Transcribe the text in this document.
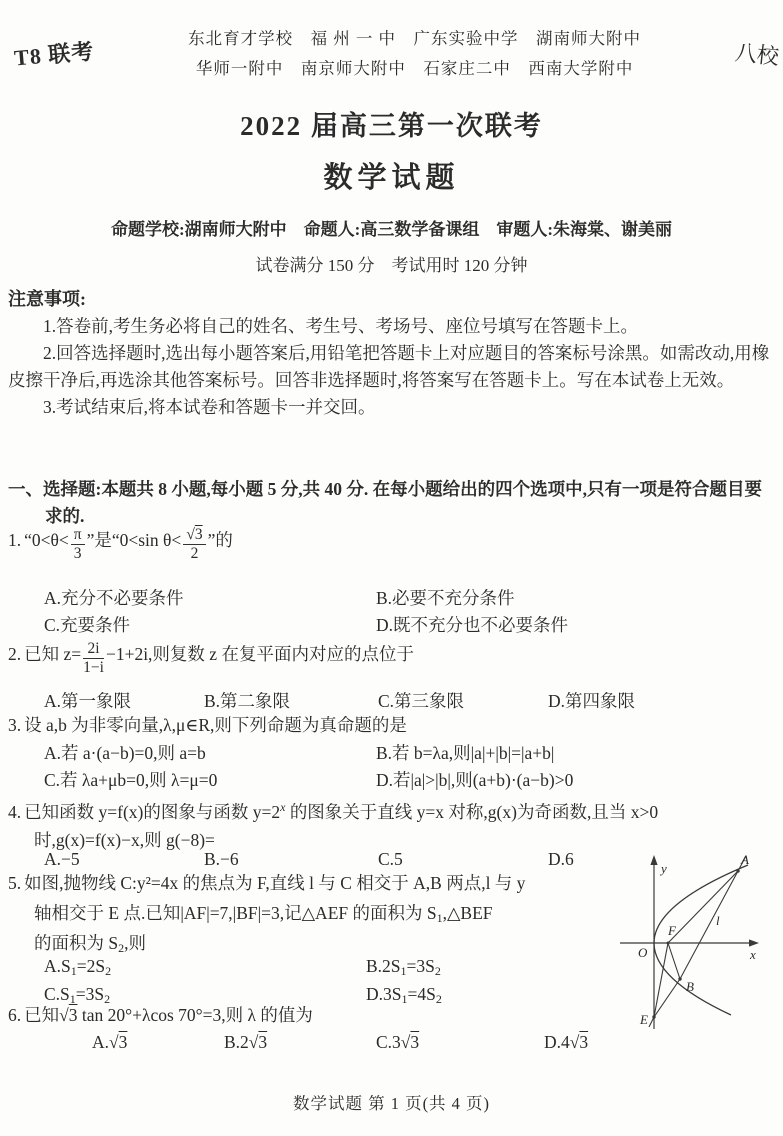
T8 联考
东北育才学校　福 州 一 中　广东实验中学　湖南师大附中
华师一附中　南京师大附中　石家庄二中　西南大学附中	八校
2022 届高三第一次联考
数学试题
命题学校:湖南师大附中　命题人:高三数学备课组　审题人:朱海棠、谢美丽
试卷满分 150 分　考试用时 120 分钟
注意事项:

1.答卷前,考生务必将自己的姓名、考生号、考场号、座位号填写在答题卡上。

2.回答选择题时,选出每小题答案后,用铅笔把答题卡上对应题目的答案标号涂黑。如需改动,用橡皮擦干净后,再选涂其他答案标号。回答非选择题时,将答案写在答题卡上。写在本试卷上无效。

3.考试结束后,将本试卷和答题卡一并交回。

一、选择题:本题共 8 小题,每小题 5 分,共 40 分. 在每小题给出的四个选项中,只有一项是符合题目要求的.
1. “$0<\theta< \frac{\pi}{3}$ ”是“0<sin $\theta< \frac{√3}{2}$ ”的
A.充分不必要条件	B.必要不充分条件
C.充要条件	D.既不充分也不必要条件
2. 已知 $z= \frac{2i}{1-i} -1+2i$,则复数 z 在复平面内对应的点位于
A.第一象限	B.第二象限	C.第三象限	D.第四象限
3. 设 a,b 为非零向量,λ,μ∈R,则下列命题为真命题的是
A.若 a·(a−b)=0,则 a=b	B.若 b=λa,则|a|+|b|=|a+b|
C.若 λa+μb=0,则 λ=μ=0	D.若|a|>|b|,则(a+b)·(a−b)>0
4. 已知函数 y=f(x)的图象与函数 $y=2^x$ 的图象关于直线 y=x 对称,g(x)为奇函数,且当 x>0
时,g(x)=f(x)−x,则 g(−8)=
A.−5	B.−6	C.5	D.6
5. 如图,抛物线 C:y²=4x 的焦点为 F,直线 l 与 C 相交于 A,B 两点,l 与 y
轴相交于 E 点.已知|AF|=7,|BF|=3,记△AEF 的面积为 $S_1,\triangle BEF$
的面积为 $S_2$,则
$A.S_1=2S_2$	$B.2S_1=3S_2$
$C.S_1=3S_2$	$D.3S_1=4S_2$
y
x
O
A
B
E
F
l
6. 已知√3 tan 20°+λcos 70°=3,则 λ 的值为
A.√3	B.2√3	C.3√3	D.4√3
数学试题 第 1 页(共 4 页)
